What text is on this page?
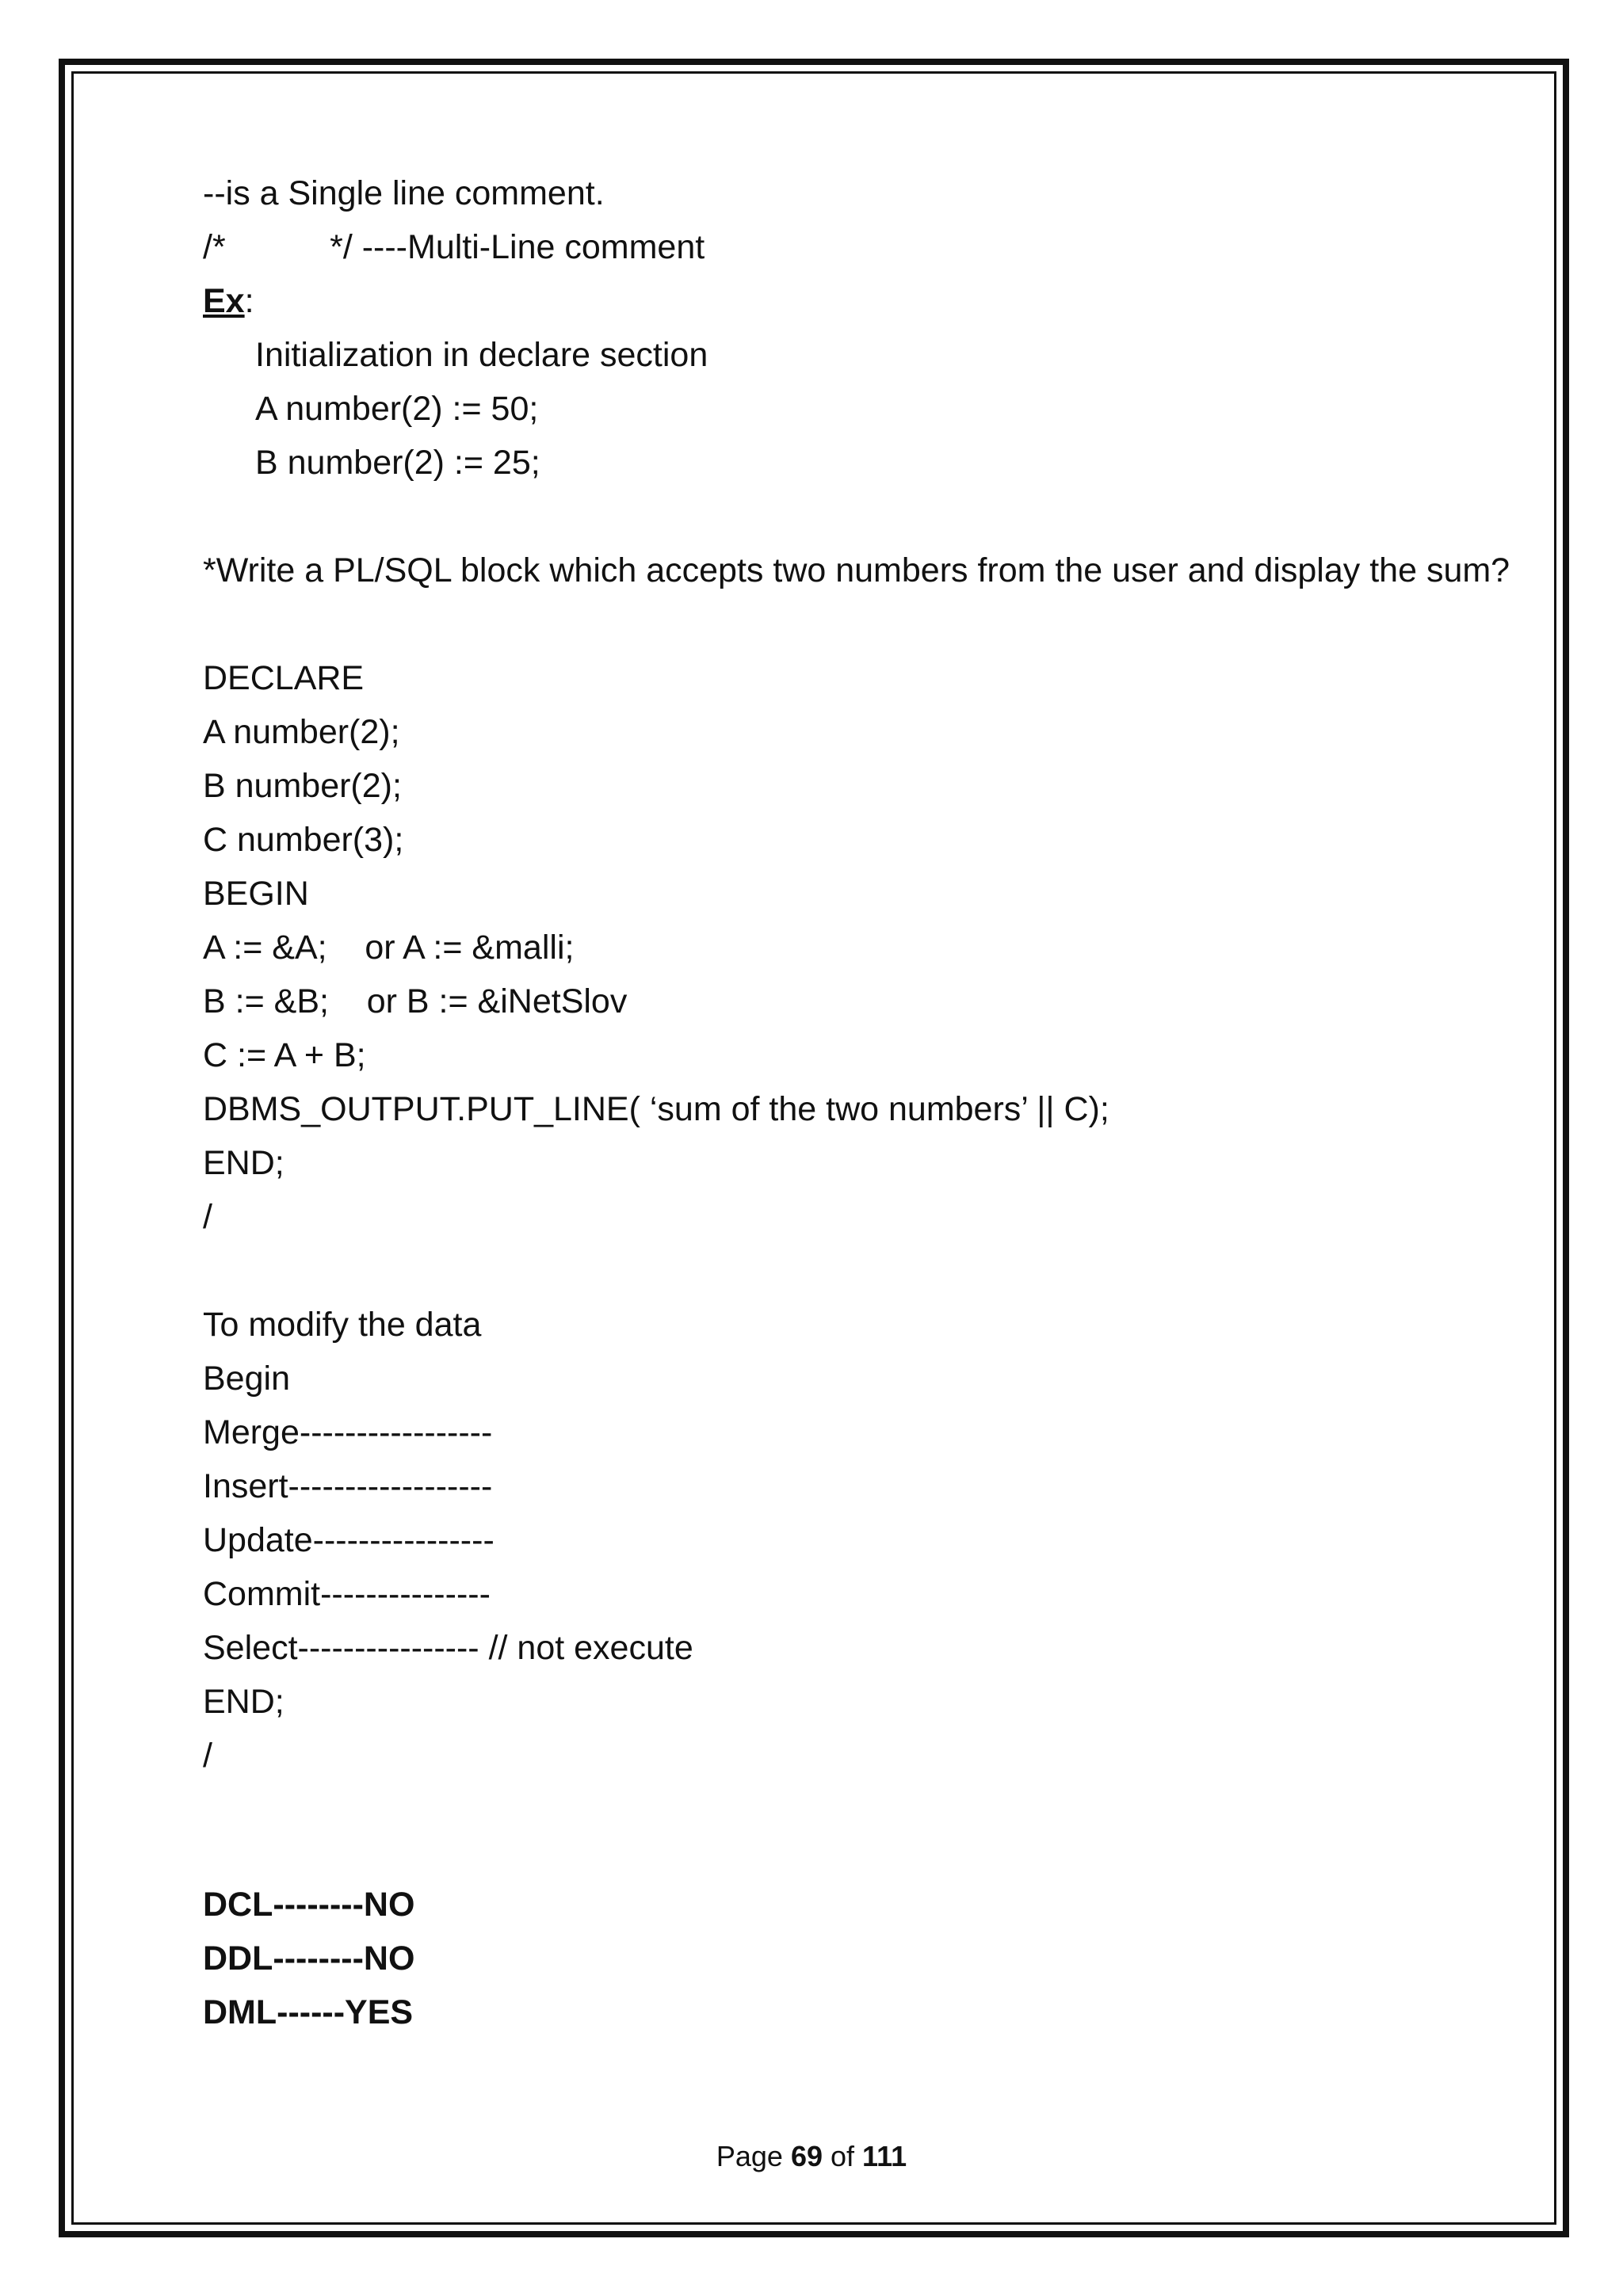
--is a Single line comment.
/*           */ ----Multi-Line comment
Ex:
Initialization in declare section
A number(2) := 50;
B number(2) := 25;
*Write a PL/SQL block which accepts two numbers from the user and display the sum?
DECLARE
A number(2);
B number(2);
C number(3);
BEGIN
A := &A;    or A := &malli;
B := &B;    or B := &iNetSlov
C := A + B;
DBMS_OUTPUT.PUT_LINE( ‘sum of the two numbers’ || C);
END;
/
To modify the data
Begin
Merge-----------------
Insert------------------
Update----------------
Commit---------------
Select---------------- // not execute
END;
/
DCL--------NO
DDL--------NO
DML------YES
Page 69 of 111
